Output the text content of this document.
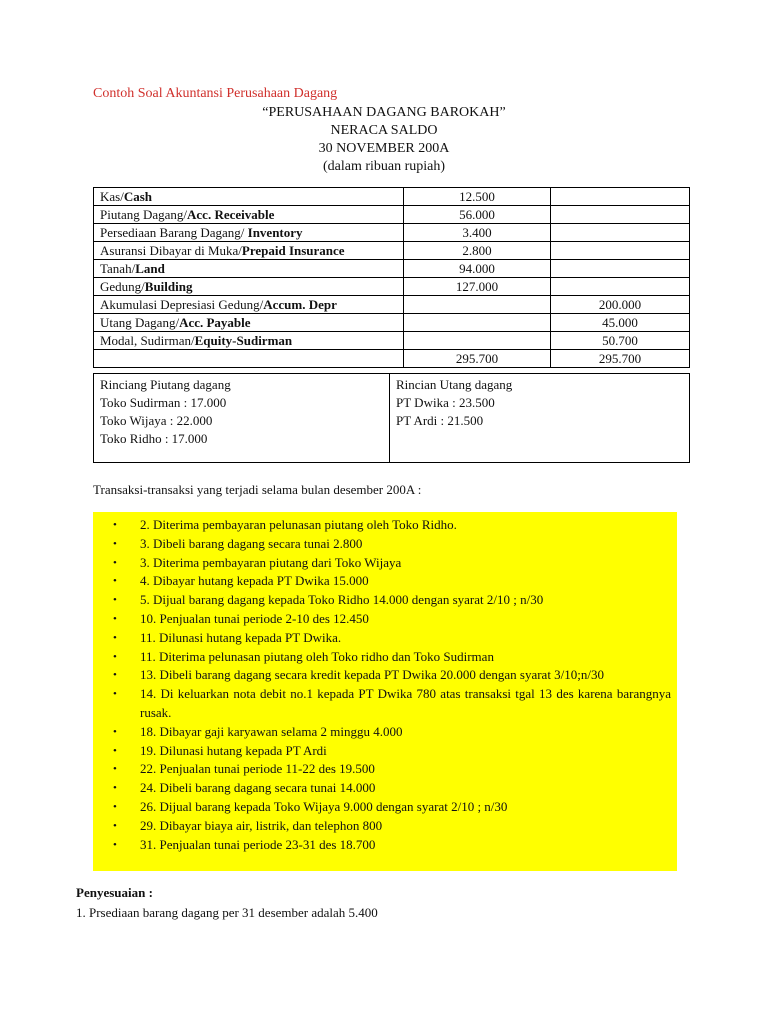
Contoh Soal Akuntansi Perusahaan Dagang
“PERUSAHAAN DAGANG BAROKAH”
NERACA SALDO
30 NOVEMBER 200A
(dalam ribuan rupiah)
Kas/Cash	12.500	
Piutang Dagang/Acc. Receivable	56.000	
Persediaan Barang Dagang/ Inventory	3.400	
Asuransi Dibayar di Muka/Prepaid Insurance	2.800	
Tanah/Land	94.000	
Gedung/Building	127.000	
Akumulasi Depresiasi Gedung/Accum. Depr		200.000
Utang Dagang/Acc. Payable		45.000
Modal, Sudirman/Equity-Sudirman		50.700
	295.700	295.700
Rinciang Piutang dagang
Toko Sudirman : 17.000
Toko Wijaya : 22.000
Toko Ridho : 17.000
Rincian Utang dagang
PT Dwika : 23.500
PT Ardi : 21.500
Transaksi-transaksi yang terjadi selama bulan desember 200A :
• 2. Diterima pembayaran pelunasan piutang oleh Toko Ridho.
• 3. Dibeli barang dagang secara tunai 2.800
• 3. Diterima pembayaran piutang dari Toko Wijaya
• 4. Dibayar hutang kepada PT Dwika 15.000
• 5. Dijual barang dagang kepada Toko Ridho 14.000 dengan syarat 2/10 ; n/30
• 10. Penjualan tunai periode 2-10 des 12.450
• 11. Dilunasi hutang kepada PT Dwika.
• 11. Diterima pelunasan piutang oleh Toko ridho dan Toko Sudirman
• 13. Dibeli barang dagang secara kredit kepada PT Dwika 20.000 dengan syarat 3/10;n/30
• 14. Di keluarkan nota debit no.1 kepada PT Dwika 780 atas transaksi tgal 13 des karena barangnya rusak.
• 18. Dibayar gaji karyawan selama 2 minggu 4.000
• 19. Dilunasi hutang kepada PT Ardi
• 22. Penjualan tunai periode 11-22 des 19.500
• 24. Dibeli barang dagang secara tunai 14.000
• 26. Dijual barang kepada Toko Wijaya 9.000 dengan syarat 2/10 ; n/30
• 29. Dibayar biaya air, listrik, dan telephon 800
• 31. Penjualan tunai periode 23-31 des 18.700
Penyesuaian :
1. Prsediaan barang dagang per 31 desember adalah 5.400
